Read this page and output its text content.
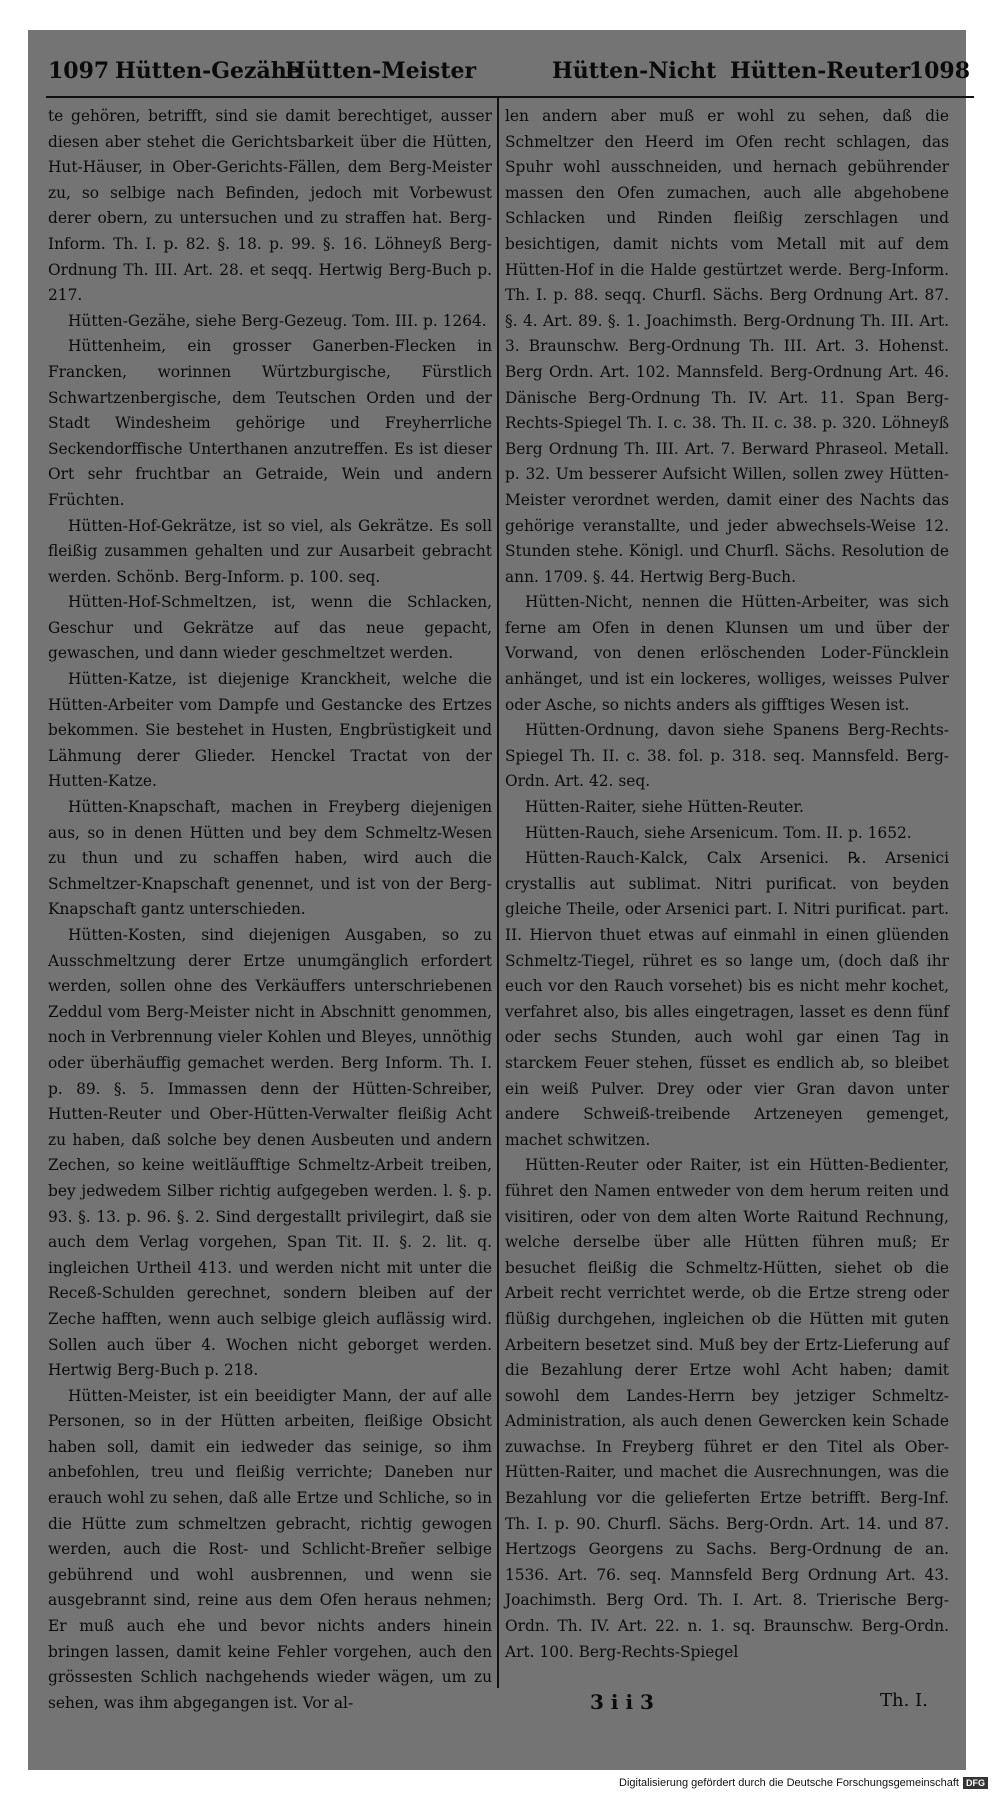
1097 Hütten-Gezähe
Hütten-Meister	Hütten-Nicht Hütten-Reuter
1098

te gehören, betrifft, sind sie damit berechtiget, ausser diesen aber stehet die Gerichtsbarkeit über die Hütten, Hut-Häuser, in Ober-Gerichts-Fällen, dem Berg-Meister zu, so selbige nach Befinden, jedoch mit Vorbewust derer obern, zu untersuchen und zu straffen hat. Berg-Inform. Th. I. p. 82. §. 18. p. 99. §. 16. Löhneyß Berg-Ordnung Th. III. Art. 28. et seqq. Hertwig Berg-Buch p. 217.

Hütten-Gezähe, siehe Berg-Gezeug. Tom. III. p. 1264.

Hüttenheim, ein grosser Ganerben-Flecken in Francken, worinnen Würtzburgische, Fürstlich Schwartzenbergische, dem Teutschen Orden und der Stadt Windesheim gehörige und Freyherrliche Seckendorffische Unterthanen anzutreffen. Es ist dieser Ort sehr fruchtbar an Getraide, Wein und andern Früchten.

Hütten-Hof-Gekrätze, ist so viel, als Gekrätze. Es soll fleißig zusammen gehalten und zur Ausarbeit gebracht werden. Schönb. Berg-Inform. p. 100. seq.

Hütten-Hof-Schmeltzen, ist, wenn die Schlacken, Geschur und Gekrätze auf das neue gepacht, gewaschen, und dann wieder geschmeltzet werden.

Hütten-Katze, ist diejenige Kranckheit, welche die Hütten-Arbeiter vom Dampfe und Gestancke des Ertzes bekommen. Sie bestehet in Husten, Engbrüstigkeit und Lähmung derer Glieder. Henckel Tractat von der Hutten-Katze.

Hütten-Knapschaft, machen in Freyberg diejenigen aus, so in denen Hütten und bey dem Schmeltz-Wesen zu thun und zu schaffen haben, wird auch die Schmeltzer-Knapschaft genennet, und ist von der Berg-Knapschaft gantz unterschieden.

Hütten-Kosten, sind diejenigen Ausgaben, so zu Ausschmeltzung derer Ertze unumgänglich erfordert werden, sollen ohne des Verkäuffers unterschriebenen Zeddul vom Berg-Meister nicht in Abschnitt genommen, noch in Verbrennung vieler Kohlen und Bleyes, unnöthig oder überhäuffig gemachet werden. Berg Inform. Th. I. p. 89. §. 5. Immassen denn der Hütten-Schreiber, Hutten-Reuter und Ober-Hütten-Verwalter fleißig Acht zu haben, daß solche bey denen Ausbeuten und andern Zechen, so keine weitläufftige Schmeltz-Arbeit treiben, bey jedwedem Silber richtig aufgegeben werden. l. §. p. 93. §. 13. p. 96. §. 2. Sind dergestallt privilegirt, daß sie auch dem Verlag vorgehen, Span Tit. II. §. 2. lit. q. ingleichen Urtheil 413. und werden nicht mit unter die Receß-Schulden gerechnet, sondern bleiben auf der Zeche hafften, wenn auch selbige gleich auflässig wird. Sollen auch über 4. Wochen nicht geborget werden. Hertwig Berg-Buch p. 218.

Hütten-Meister, ist ein beeidigter Mann, der auf alle Personen, so in der Hütten arbeiten, fleißige Obsicht haben soll, damit ein iedweder das seinige, so ihm anbefohlen, treu und fleißig verrichte; Daneben nur erauch wohl zu sehen, daß alle Ertze und Schliche, so in die Hütte zum schmeltzen gebracht, richtig gewogen werden, auch die Rost- und Schlicht-Breñer selbige gebührend und wohl ausbrennen, und wenn sie ausgebrannt sind, reine aus dem Ofen heraus nehmen; Er muß auch ehe und bevor nichts anders hinein bringen lassen, damit keine Fehler vorgehen, auch den grössesten Schlich nachgehends wieder wägen, um zu sehen, was ihm abgegangen ist. Vor al-

len andern aber muß er wohl zu sehen, daß die Schmeltzer den Heerd im Ofen recht schlagen, das Spuhr wohl ausschneiden, und hernach gebührender massen den Ofen zumachen, auch alle abgehobene Schlacken und Rinden fleißig zerschlagen und besichtigen, damit nichts vom Metall mit auf dem Hütten-Hof in die Halde gestürtzet werde. Berg-Inform. Th. I. p. 88. seqq. Churfl. Sächs. Berg Ordnung Art. 87. §. 4. Art. 89. §. 1. Joachimsth. Berg-Ordnung Th. III. Art. 3. Braunschw. Berg-Ordnung Th. III. Art. 3. Hohenst. Berg Ordn. Art. 102. Mannsfeld. Berg-Ordnung Art. 46. Dänische Berg-Ordnung Th. IV. Art. 11. Span Berg-Rechts-Spiegel Th. I. c. 38. Th. II. c. 38. p. 320. Löhneyß Berg Ordnung Th. III. Art. 7. Berward Phraseol. Metall. p. 32. Um besserer Aufsicht Willen, sollen zwey Hütten-Meister verordnet werden, damit einer des Nachts das gehörige veranstallte, und jeder abwechsels-Weise 12. Stunden stehe. Königl. und Churfl. Sächs. Resolution de ann. 1709. §. 44. Hertwig Berg-Buch.

Hütten-Nicht, nennen die Hütten-Arbeiter, was sich ferne am Ofen in denen Klunsen um und über der Vorwand, von denen erlöschenden Loder-Füncklein anhänget, und ist ein lockeres, wolliges, weisses Pulver oder Asche, so nichts anders als gifftiges Wesen ist.

Hütten-Ordnung, davon siehe Spanens Berg-Rechts-Spiegel Th. II. c. 38. fol. p. 318. seq. Mannsfeld. Berg-Ordn. Art. 42. seq.

Hütten-Raiter, siehe Hütten-Reuter.

Hütten-Rauch, siehe Arsenicum. Tom. II. p. 1652.

Hütten-Rauch-Kalck, Calx Arsenici. ℞. Arsenici crystallis aut sublimat. Nitri purificat. von beyden gleiche Theile, oder Arsenici part. I. Nitri purificat. part. II. Hiervon thuet etwas auf einmahl in einen glüenden Schmeltz-Tiegel, rühret es so lange um, (doch daß ihr euch vor den Rauch vorsehet) bis es nicht mehr kochet, verfahret also, bis alles eingetragen, lasset es denn fünf oder sechs Stunden, auch wohl gar einen Tag in starckem Feuer stehen, füsset es endlich ab, so bleibet ein weiß Pulver. Drey oder vier Gran davon unter andere Schweiß-treibende Artzeneyen gemenget, machet schwitzen.

Hütten-Reuter oder Raiter, ist ein Hütten-Bedienter, führet den Namen entweder von dem herum reiten und visitiren, oder von dem alten Worte Raitund Rechnung, welche derselbe über alle Hütten führen muß; Er besuchet fleißig die Schmeltz-Hütten, siehet ob die Arbeit recht verrichtet werde, ob die Ertze streng oder flüßig durchgehen, ingleichen ob die Hütten mit guten Arbeitern besetzet sind. Muß bey der Ertz-Lieferung auf die Bezahlung derer Ertze wohl Acht haben; damit sowohl dem Landes-Herrn bey jetziger Schmeltz-Administration, als auch denen Gewercken kein Schade zuwachse. In Freyberg führet er den Titel als Ober-Hütten-Raiter, und machet die Ausrechnungen, was die Bezahlung vor die gelieferten Ertze betrifft. Berg-Inf. Th. I. p. 90. Churfl. Sächs. Berg-Ordn. Art. 14. und 87. Hertzogs Georgens zu Sachs. Berg-Ordnung de an. 1536. Art. 76. seq. Mannsfeld Berg Ordnung Art. 43. Joachimsth. Berg Ord. Th. I. Art. 8. Trierische Berg-Ordn. Th. IV. Art. 22. n. 1. sq. Braunschw. Berg-Ordn. Art. 100. Berg-Rechts-Spiegel

3 i i 3	Th. I.
Digitalisierung gefördert durch die Deutsche Forschungsgemeinschaft DFG
